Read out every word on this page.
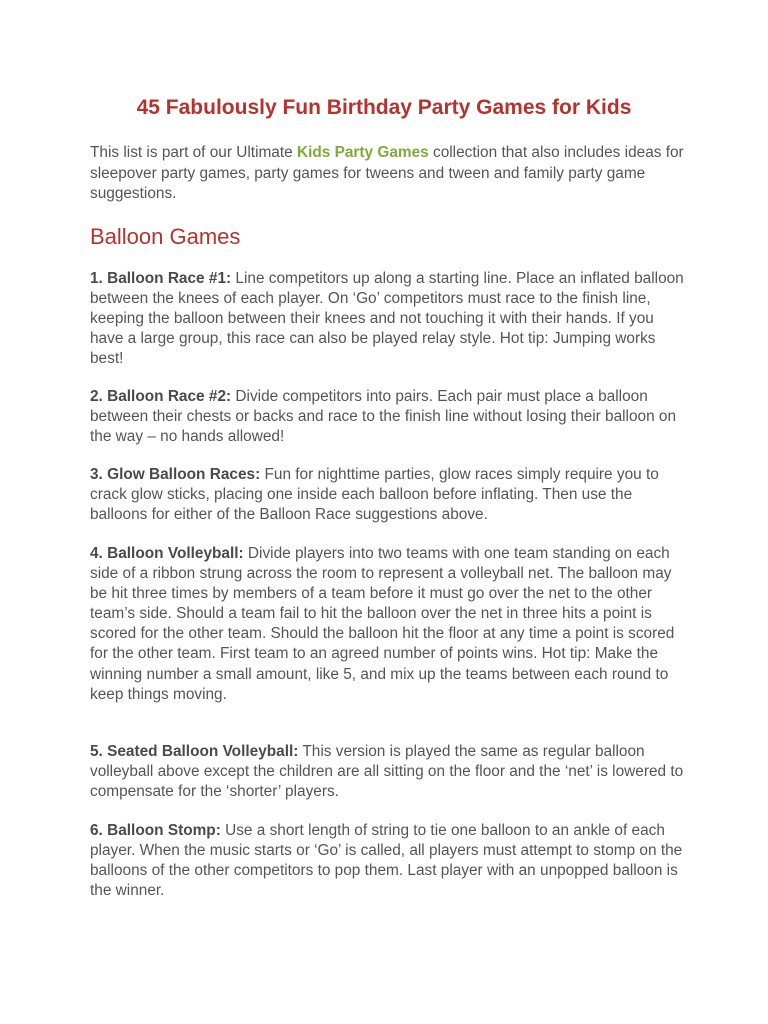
45 Fabulously Fun Birthday Party Games for Kids

This list is part of our Ultimate Kids Party Games collection that also includes ideas for sleepover party games, party games for tweens and tween and family party game suggestions.

Balloon Games

1. Balloon Race #1: Line competitors up along a starting line. Place an inflated balloon between the knees of each player. On ‘Go’ competitors must race to the finish line, keeping the balloon between their knees and not touching it with their hands. If you have a large group, this race can also be played relay style. Hot tip: Jumping works best!

2. Balloon Race #2: Divide competitors into pairs. Each pair must place a balloon between their chests or backs and race to the finish line without losing their balloon on the way – no hands allowed!

3. Glow Balloon Races: Fun for nighttime parties, glow races simply require you to crack glow sticks, placing one inside each balloon before inflating. Then use the balloons for either of the Balloon Race suggestions above.

4. Balloon Volleyball: Divide players into two teams with one team standing on each side of a ribbon strung across the room to represent a volleyball net. The balloon may be hit three times by members of a team before it must go over the net to the other team’s side. Should a team fail to hit the balloon over the net in three hits a point is scored for the other team. Should the balloon hit the floor at any time a point is scored for the other team. First team to an agreed number of points wins. Hot tip: Make the winning number a small amount, like 5, and mix up the teams between each round to keep things moving.

5. Seated Balloon Volleyball: This version is played the same as regular balloon volleyball above except the children are all sitting on the floor and the ‘net’ is lowered to compensate for the ‘shorter’ players.

6. Balloon Stomp: Use a short length of string to tie one balloon to an ankle of each player. When the music starts or ‘Go’ is called, all players must attempt to stomp on the balloons of the other competitors to pop them. Last player with an unpopped balloon is the winner.
